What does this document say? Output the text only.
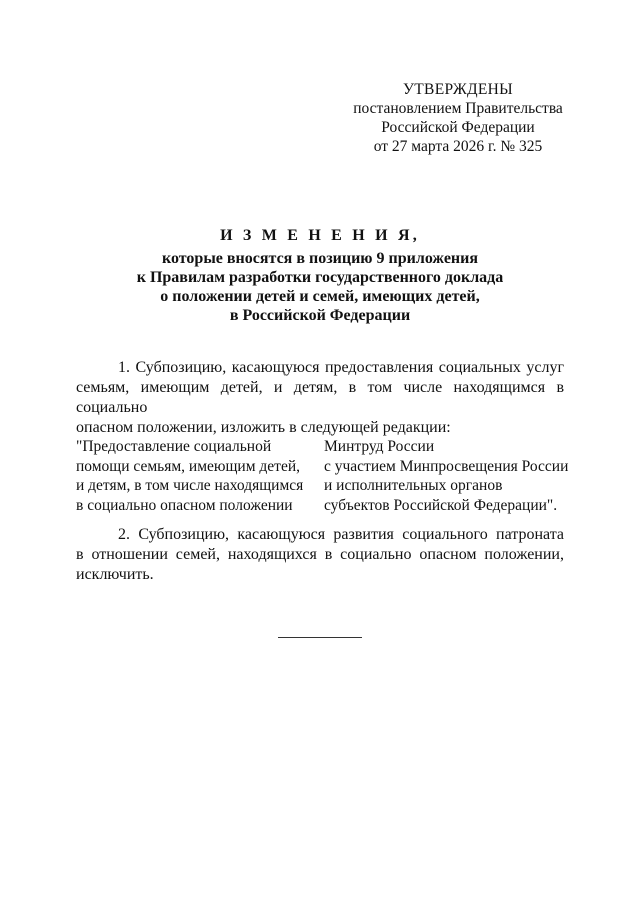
УТВЕРЖДЕНЫ
постановлением Правительства
Российской Федерации
от 27 марта 2026 г. № 325
И З М Е Н Е Н И Я,
которые вносятся в позицию 9 приложения
к Правилам разработки государственного доклада
о положении детей и семей, имеющих детей,
в Российской Федерации
1. Субпозицию, касающуюся предоставления социальных услуг
семьям, имеющим детей, и детям, в том числе находящимся в социально
опасном положении, изложить в следующей редакции:
"Предоставление социальной
помощи семьям, имеющим детей,
и детям, в том числе находящимся
в социально опасном положении
Минтруд России
с участием Минпросвещения России
и исполнительных органов
субъектов Российской Федерации".
2. Субпозицию, касающуюся развития социального патроната
в отношении семей, находящихся в социально опасном положении,
исключить.
